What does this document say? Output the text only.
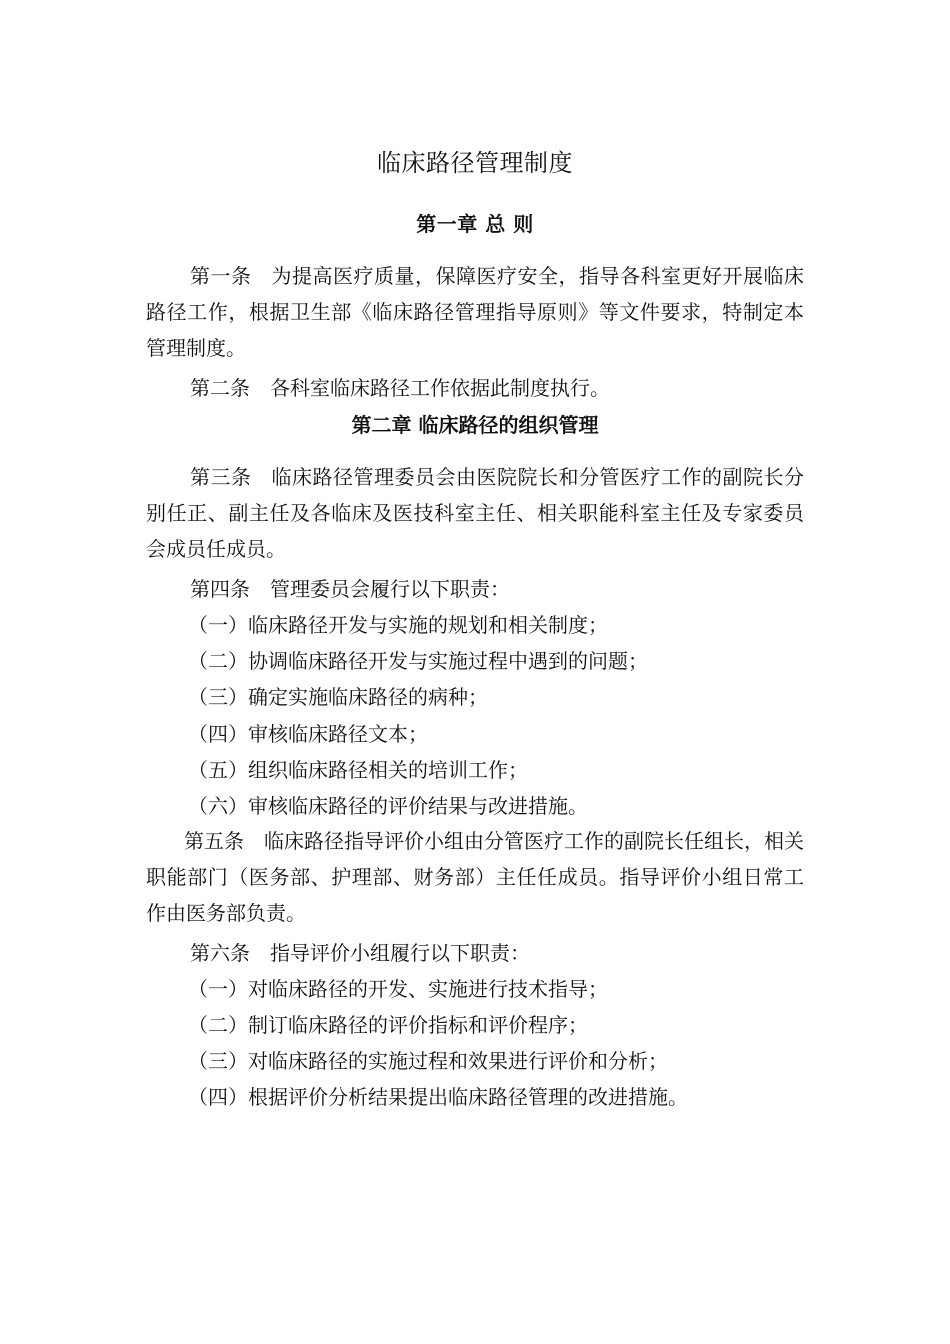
临床路径管理制度
第一章 总 则
第一条 为提高医疗质量，保障医疗安全，指导各科室更好开展临床路径工作，根据卫生部《临床路径管理指导原则》等文件要求，特制定本管理制度。
第二条 各科室临床路径工作依据此制度执行。
第二章 临床路径的组织管理
第三条 临床路径管理委员会由医院院长和分管医疗工作的副院长分别任正、副主任及各临床及医技科室主任、相关职能科室主任及专家委员会成员任成员。
第四条 管理委员会履行以下职责：
（一）临床路径开发与实施的规划和相关制度；
（二）协调临床路径开发与实施过程中遇到的问题；
（三）确定实施临床路径的病种；
（四）审核临床路径文本；
（五）组织临床路径相关的培训工作；
（六）审核临床路径的评价结果与改进措施。
第五条 临床路径指导评价小组由分管医疗工作的副院长任组长，相关职能部门（医务部、护理部、财务部）主任任成员。指导评价小组日常工作由医务部负责。
第六条 指导评价小组履行以下职责：
（一）对临床路径的开发、实施进行技术指导；
（二）制订临床路径的评价指标和评价程序；
（三）对临床路径的实施过程和效果进行评价和分析；
（四）根据评价分析结果提出临床路径管理的改进措施。
